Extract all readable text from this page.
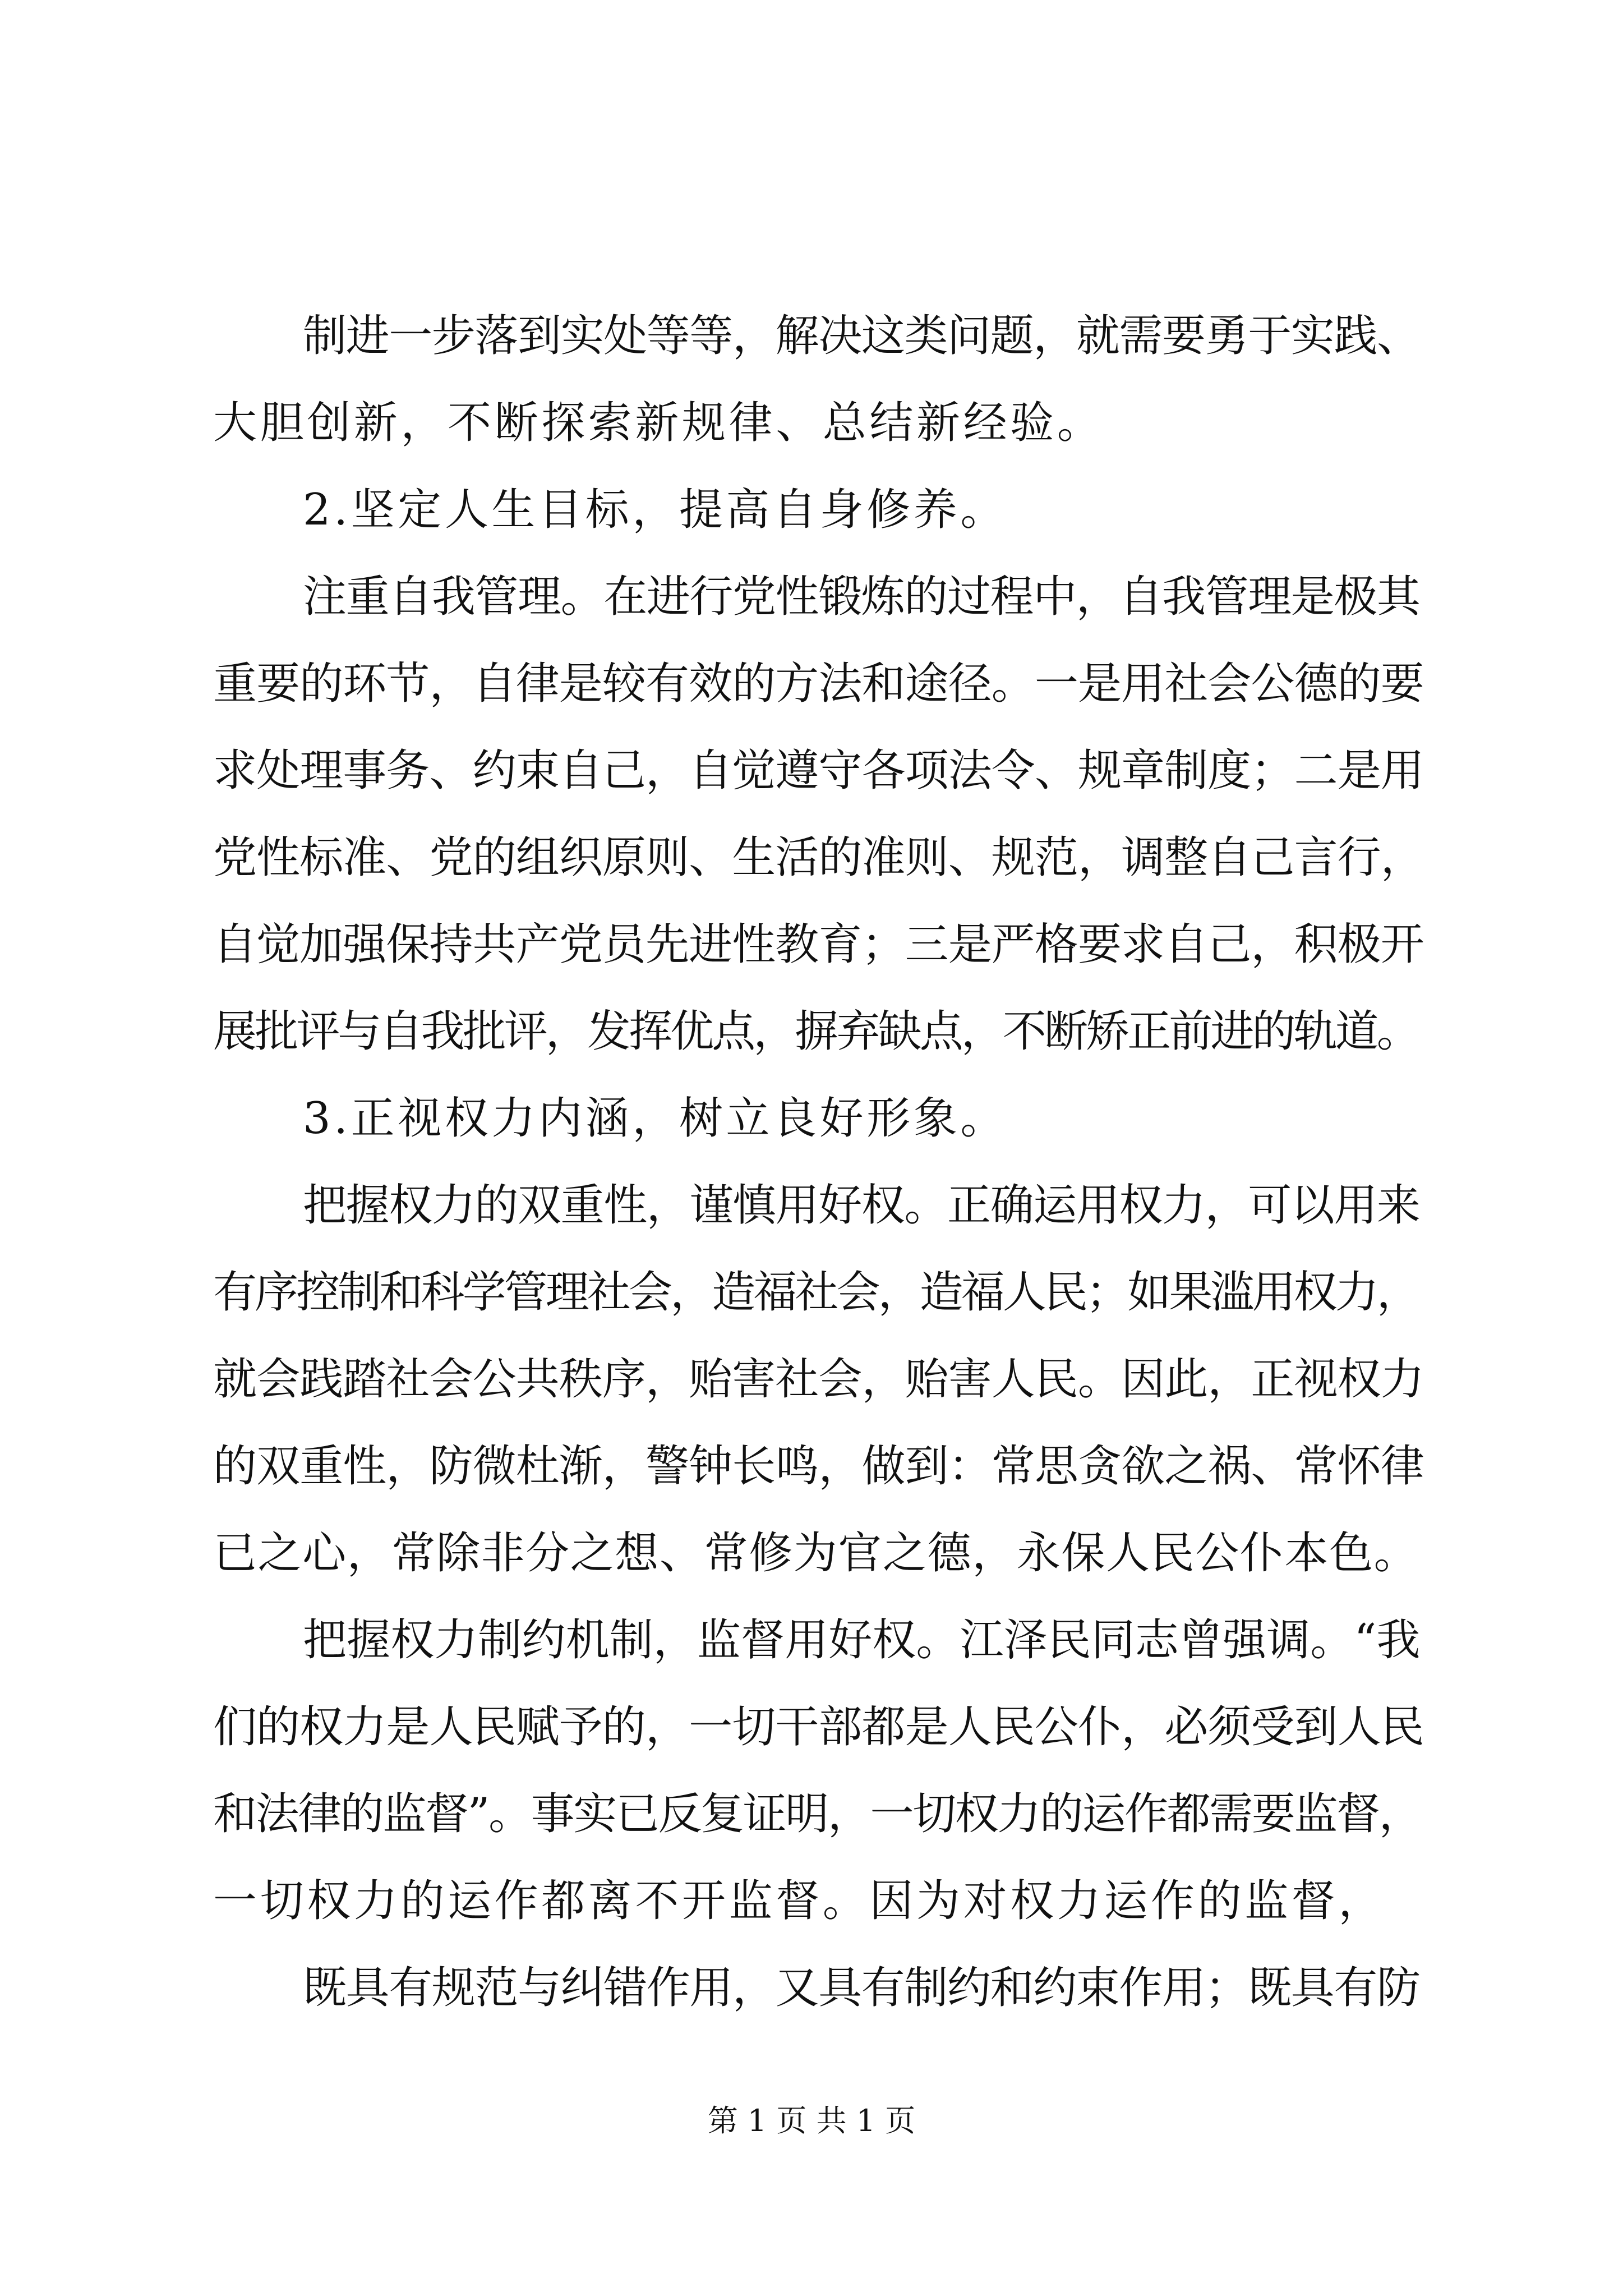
制进一步落到实处等等，解决这类问题，就需要勇于实践、
大胆创新，不断探索新规律、总结新经验。
2.坚定人生目标，提高自身修养。
注重自我管理。在进行党性锻炼的过程中，自我管理是极其
重要的环节，自律是较有效的方法和途径。一是用社会公德的要
求处理事务、约束自己，自觉遵守各项法令、规章制度；二是用
党性标准、党的组织原则、生活的准则、规范，调整自己言行，
自觉加强保持共产党员先进性教育；三是严格要求自己，积极开
展批评与自我批评，发挥优点，摒弃缺点，不断矫正前进的轨道。
3.正视权力内涵，树立良好形象。
把握权力的双重性，谨慎用好权。正确运用权力，可以用来
有序控制和科学管理社会，造福社会，造福人民；如果滥用权力，
就会践踏社会公共秩序，贻害社会，贻害人民。因此，正视权力
的双重性，防微杜渐，警钟长鸣，做到：常思贪欲之祸、常怀律
已之心，常除非分之想、常修为官之德，永保人民公仆本色。
把握权力制约机制，监督用好权。江泽民同志曾强调。“我
们的权力是人民赋予的，一切干部都是人民公仆，必须受到人民
和法律的监督”。事实已反复证明，一切权力的运作都需要监督，
一切权力的运作都离不开监督。因为对权力运作的监督，
既具有规范与纠错作用，又具有制约和约束作用；既具有防
第 1 页 共 1 页
